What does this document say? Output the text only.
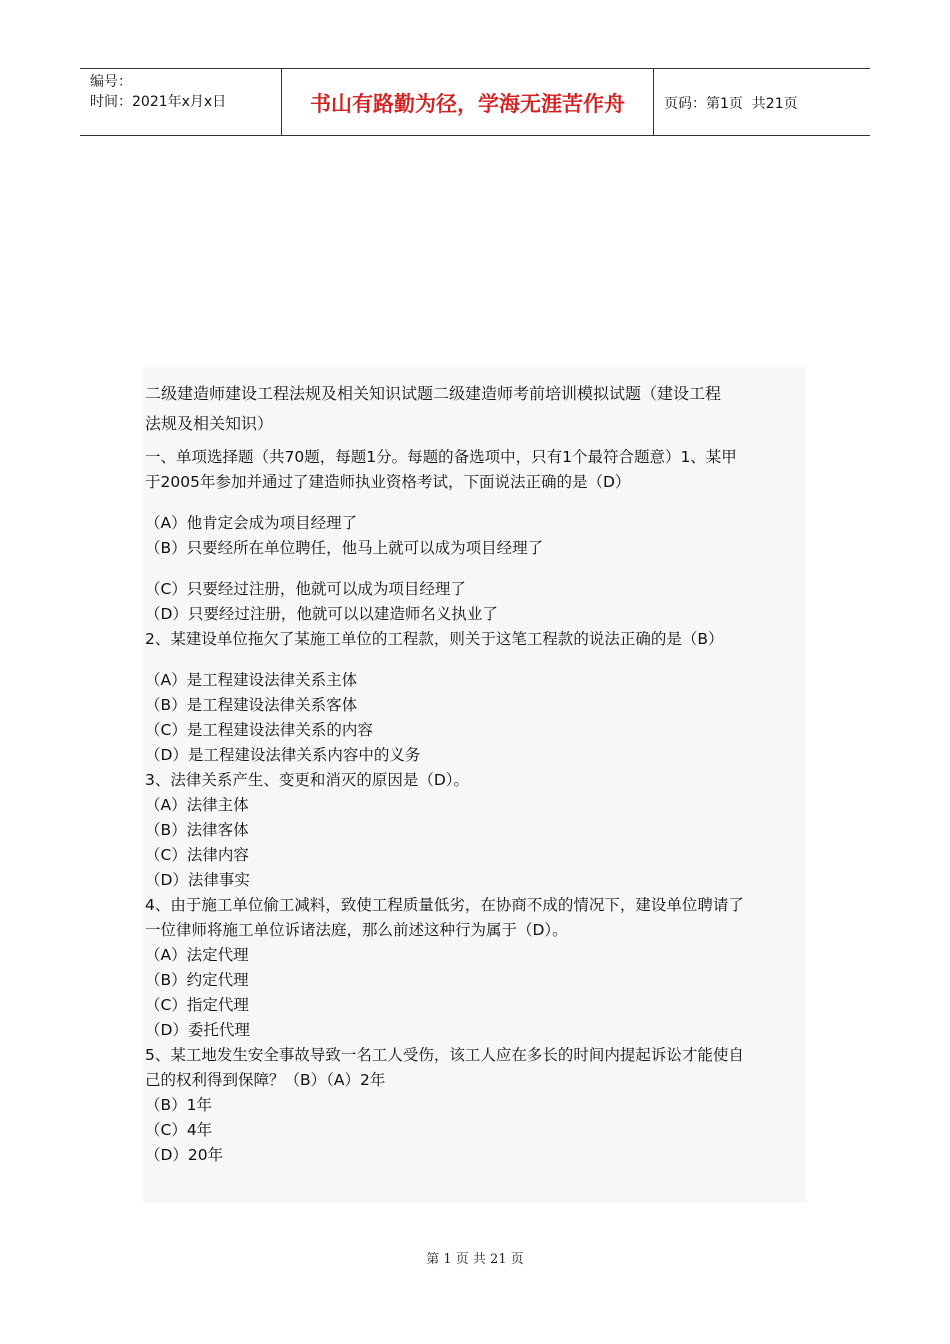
编号：
时间：2021年x月x日	书山有路勤为径，学海无涯苦作舟	页码：第1页  共21页
二级建造师建设工程法规及相关知识试题二级建造师考前培训模拟试题（建设工程
法规及相关知识）
一、单项选择题（共70题，每题1分。每题的备选项中，只有1个最符合题意）1、某甲
于2005年参加并通过了建造师执业资格考试，下面说法正确的是（D）
（A）他肯定会成为项目经理了
（B）只要经所在单位聘任，他马上就可以成为项目经理了
（C）只要经过注册，他就可以成为项目经理了
（D）只要经过注册，他就可以以建造师名义执业了
2、某建设单位拖欠了某施工单位的工程款，则关于这笔工程款的说法正确的是（B）
（A）是工程建设法律关系主体
（B）是工程建设法律关系客体
（C）是工程建设法律关系的内容
（D）是工程建设法律关系内容中的义务
3、法律关系产生、变更和消灭的原因是（D）。
（A）法律主体
（B）法律客体
（C）法律内容
（D）法律事实
4、由于施工单位偷工减料，致使工程质量低劣，在协商不成的情况下，建设单位聘请了
一位律师将施工单位诉诸法庭，那么前述这种行为属于（D）。
（A）法定代理
（B）约定代理
（C）指定代理
（D）委托代理
5、某工地发生安全事故导致一名工人受伤，该工人应在多长的时间内提起诉讼才能使自
己的权利得到保障？（B）（A）2年
（B）1年
（C）4年
（D）20年
第 1 页 共 21 页
